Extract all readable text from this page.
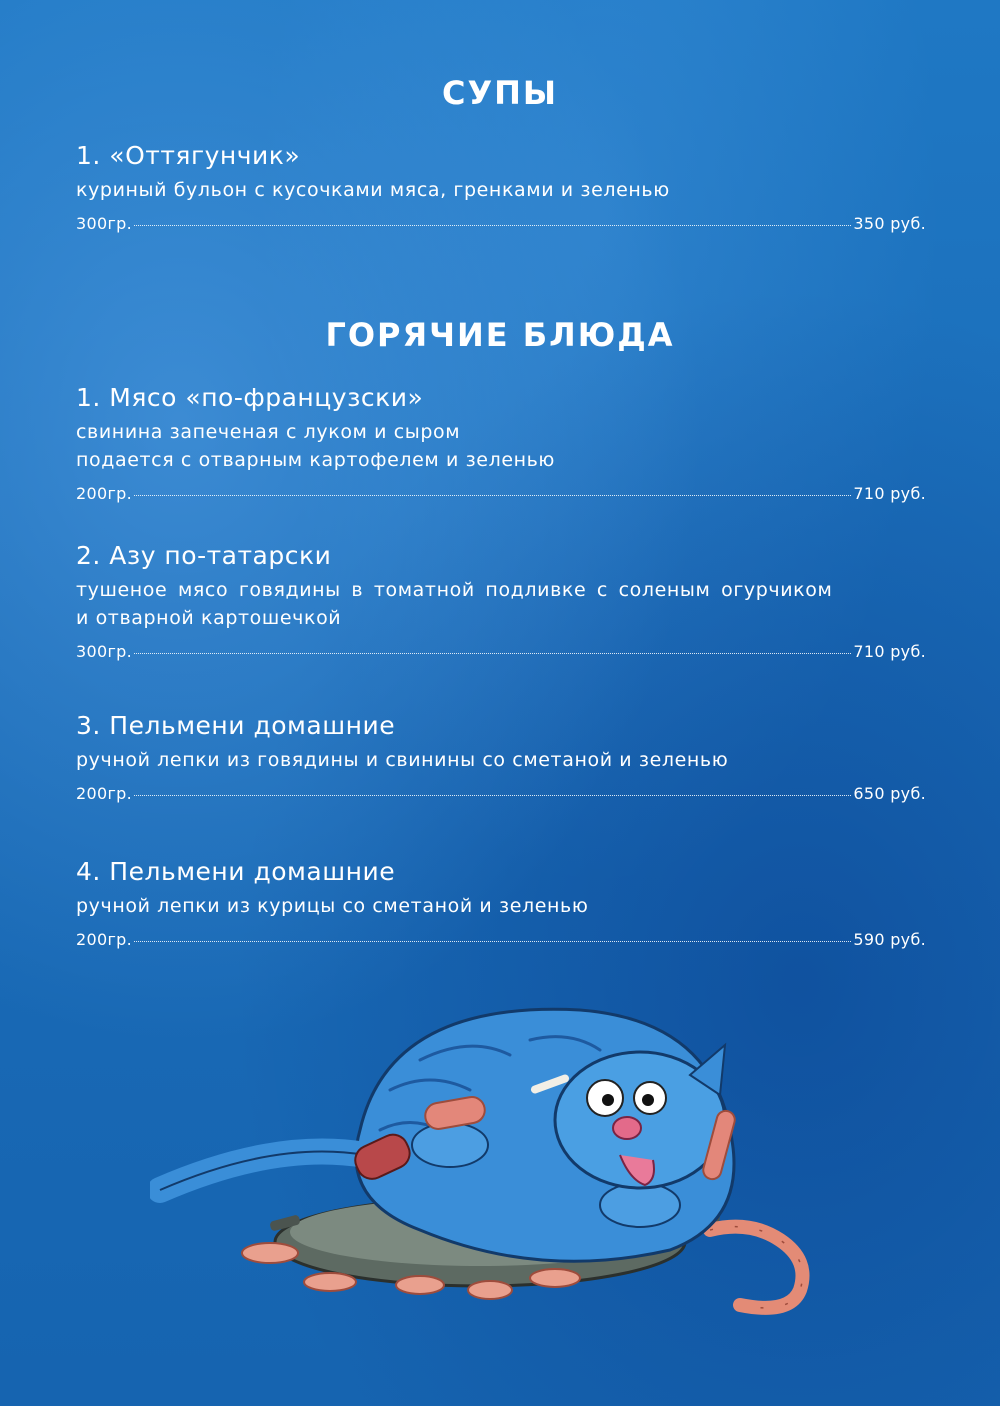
СУПЫ
1. «Оттягунчик»
куриный бульон с кусочками мяса, гренками и зеленью
300гр.	350 руб.
ГОРЯЧИЕ БЛЮДА
1. Мясо «по-французски»
свинина запеченая с луком и сыром
подается с отварным картофелем и зеленью
200гр.	710 руб.
2. Азу по-татарски
тушеное мясо говядины в томатной подливке с соленым огурчиком
и отварной картошечкой
300гр.	710 руб.
3. Пельмени домашние
ручной лепки из говядины и свинины со сметаной и зеленью
200гр.	650 руб.
4. Пельмени домашние
ручной лепки из курицы со сметаной и зеленью
200гр.	590 руб.
